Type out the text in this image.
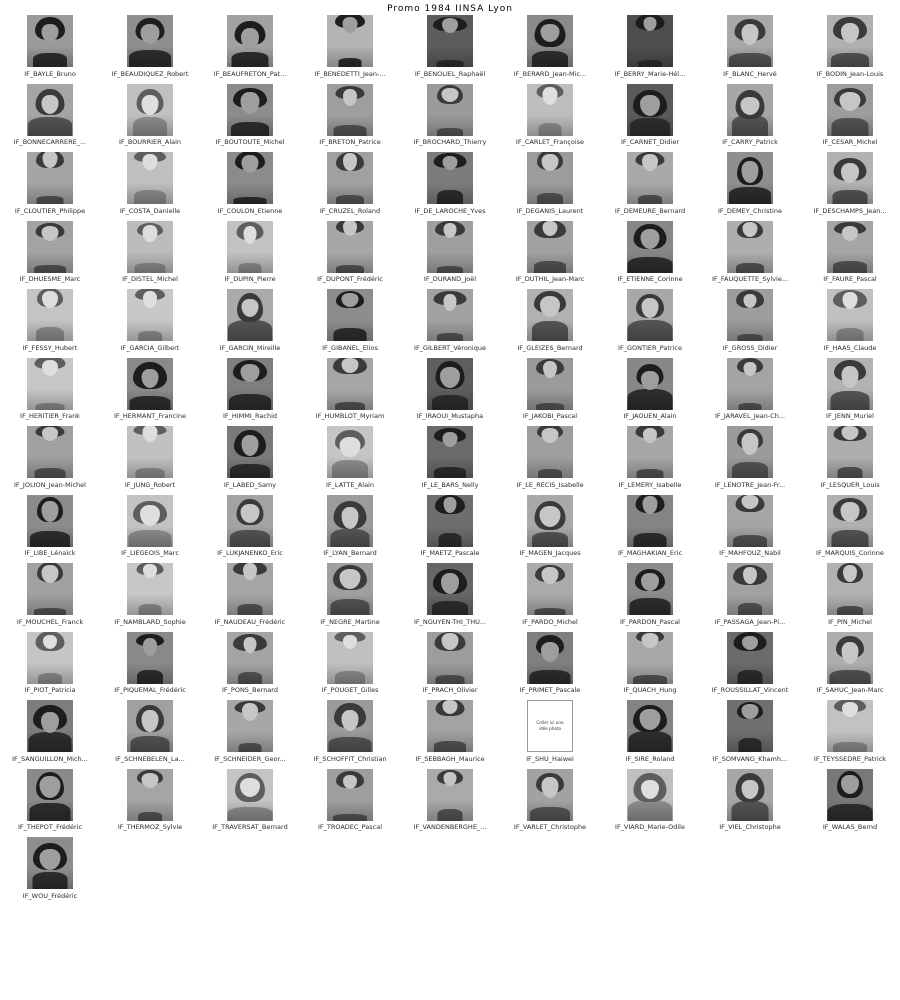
Promo 1984 IINSA Lyon
IF_BAYLE_Bruno	IF_BEAUDIQUEZ_Robert	IF_BEAUFRETON_Pat...	IF_BENEDETTI_Jean-...	IF_BENOLIEL_Raphaël	IF_BERARD_Jean-Mic...	IF_BERRY_Marie-Hél...	IF_BLANC_Hervé	IF_BODIN_Jean-Louis
IF_BONNECARRERE_...	IF_BOURRIER_Alain	IF_BOUTOUTE_Michel	IF_BRETON_Patrice	IF_BROCHARD_Thierry	IF_CARLET_Françoise	IF_CARNET_Didier	IF_CARRY_Patrick	IF_CESAR_Michel
IF_CLOUTIER_Philippe	IF_COSTA_Danielle	IF_COULON_Etienne	IF_CRUZEL_Roland	IF_DE_LAROCHE_Yves	IF_DEGANIS_Laurent	IF_DEMEURE_Bernard	IF_DEMEY_Christine	IF_DESCHAMPS_Jean...
IF_DHUESME_Marc	IF_DISTEL_Michel	IF_DUPIN_Pierre	IF_DUPONT_Frédéric	IF_DURAND_Joël	IF_DUTHIL_Jean-Marc	IF_ETIENNE_Corinne	IF_FAUQUETTE_Sylvie...	IF_FAURE_Pascal
IF_FESSY_Hubert	IF_GARCIA_Gilbert	IF_GARCIN_Mireille	IF_GIBANEL_Elios	IF_GILBERT_Véronique	IF_GLEIZES_Bernard	IF_GONTIER_Patrice	IF_GROSS_Didier	IF_HAAS_Claude
IF_HERITIER_Frank	IF_HERMANT_Francine	IF_HIMMI_Rachid	IF_HUMBLOT_Myriam	IF_IRAOUI_Mustapha	IF_JAKOBI_Pascal	IF_JAOUEN_Alain	IF_JARAVEL_Jean-Ch...	IF_JENN_Muriel
IF_JOLION_Jean-Michel	IF_JUNG_Robert	IF_LABED_Samy	IF_LATTE_Alain	IF_LE_BARS_Nelly	IF_LE_RECIS_Isabelle	IF_LEMERY_Isabelle	IF_LENOTRE_Jean-Fr...	IF_LESQUER_Louis
IF_LIBE_Lénaïck	IF_LIEGEOIS_Marc	IF_LUKJANENKO_Eric	IF_LYAN_Bernard	IF_MAETZ_Pascale	IF_MAGEN_Jacques	IF_MAGHAKIAN_Eric	IF_MAHFOUZ_Nabil	IF_MARQUIS_Corinne
IF_MOUCHEL_Franck	IF_NAMBLARD_Sophie	IF_NAUDEAU_Frédéric	IF_NEGRE_Martine	IF_NGUYEN-THI_THU...	IF_PARDO_Michel	IF_PARDON_Pascal	IF_PASSAGA_Jean-Pi...	IF_PIN_Michel
IF_PIOT_Patricia	IF_PIQUEMAL_Frédéric	IF_PONS_Bernard	IF_POUGET_Gilles	IF_PRACH_Olivier	IF_PRIMET_Pascale	IF_QUACH_Hung	IF_ROUSSILLAT_Vincent	IF_SAHUC_Jean-Marc
IF_SANGUILLON_Mich...	IF_SCHNEBELEN_La...	IF_SCHNEIDER_Geor...	IF_SCHOFFIT_Christian	IF_SEBBAGH_Maurice
Coller ici une
idée photo
IF_SHU_Haiwei	IF_SIRE_Roland	IF_SOMVANG_Khamh...	IF_TEYSSEDRE_Patrick
IF_THEPOT_Frédéric	IF_THERMOZ_Sylvie	IF_TRAVERSAT_Bernard	IF_TROADEC_Pascal	IF_VANDENBERGHE_...	IF_VARLET_Christophe	IF_VIARD_Marie-Odile	IF_VIEL_Christophe	IF_WALAS_Bernd
IF_WOU_Frédéric
